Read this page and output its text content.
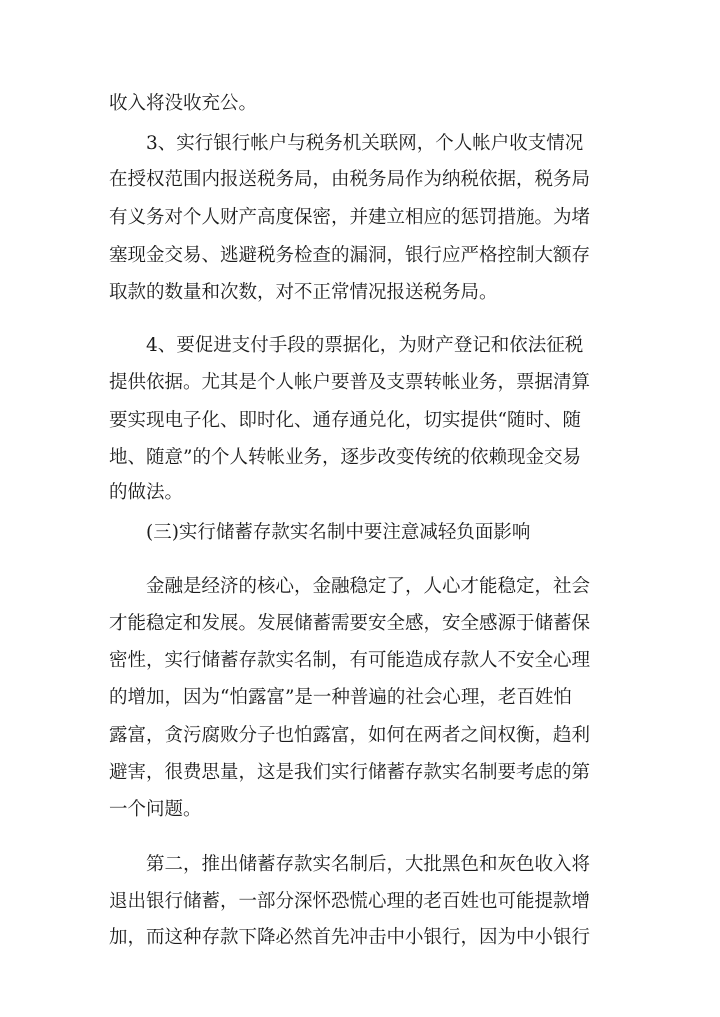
收入将没收充公。
3、实行银行帐户与税务机关联网，个人帐户收支情况
在授权范围内报送税务局，由税务局作为纳税依据，税务局
有义务对个人财产高度保密，并建立相应的惩罚措施。为堵
塞现金交易、逃避税务检查的漏洞，银行应严格控制大额存
取款的数量和次数，对不正常情况报送税务局。
4、要促进支付手段的票据化，为财产登记和依法征税
提供依据。尤其是个人帐户要普及支票转帐业务，票据清算
要实现电子化、即时化、通存通兑化，切实提供“随时、随
地、随意”的个人转帐业务，逐步改变传统的依赖现金交易
的做法。
(三)实行储蓄存款实名制中要注意减轻负面影响
金融是经济的核心，金融稳定了，人心才能稳定，社会
才能稳定和发展。发展储蓄需要安全感，安全感源于储蓄保
密性，实行储蓄存款实名制，有可能造成存款人不安全心理
的增加，因为“怕露富”是一种普遍的社会心理，老百姓怕
露富，贪污腐败分子也怕露富，如何在两者之间权衡，趋利
避害，很费思量，这是我们实行储蓄存款实名制要考虑的第
一个问题。
第二，推出储蓄存款实名制后，大批黑色和灰色收入将
退出银行储蓄，一部分深怀恐慌心理的老百姓也可能提款增
加，而这种存款下降必然首先冲击中小银行，因为中小银行
